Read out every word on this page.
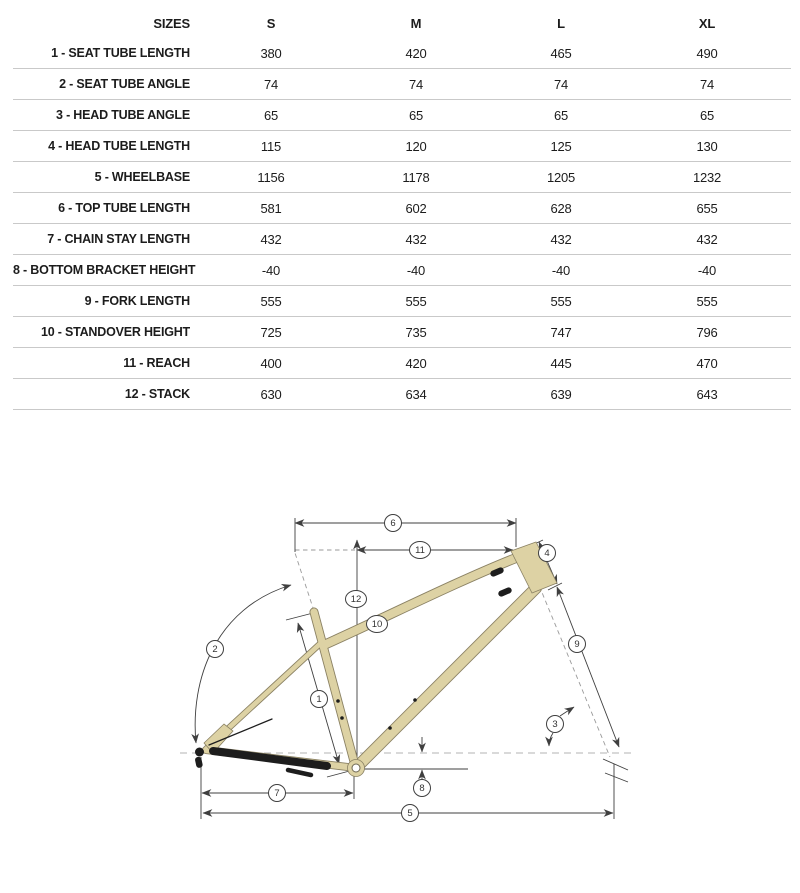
SIZES	S	M	L	XL
1 - SEAT TUBE LENGTH	380	420	465	490
2 - SEAT TUBE ANGLE	74	74	74	74
3 - HEAD TUBE ANGLE	65	65	65	65
4 - HEAD TUBE LENGTH	115	120	125	130
5 - WHEELBASE	1156	1178	1205	1232
6 - TOP TUBE LENGTH	581	602	628	655
7 - CHAIN STAY LENGTH	432	432	432	432
8 - BOTTOM BRACKET HEIGHT	-40	-40	-40	-40
9 - FORK LENGTH	555	555	555	555
10 - STANDOVER HEIGHT	725	735	747	796
11 - REACH	400	420	445	470
12 - STACK	630	634	639	643
1
2
3
4
5
6
7	8
9
10
11
12
